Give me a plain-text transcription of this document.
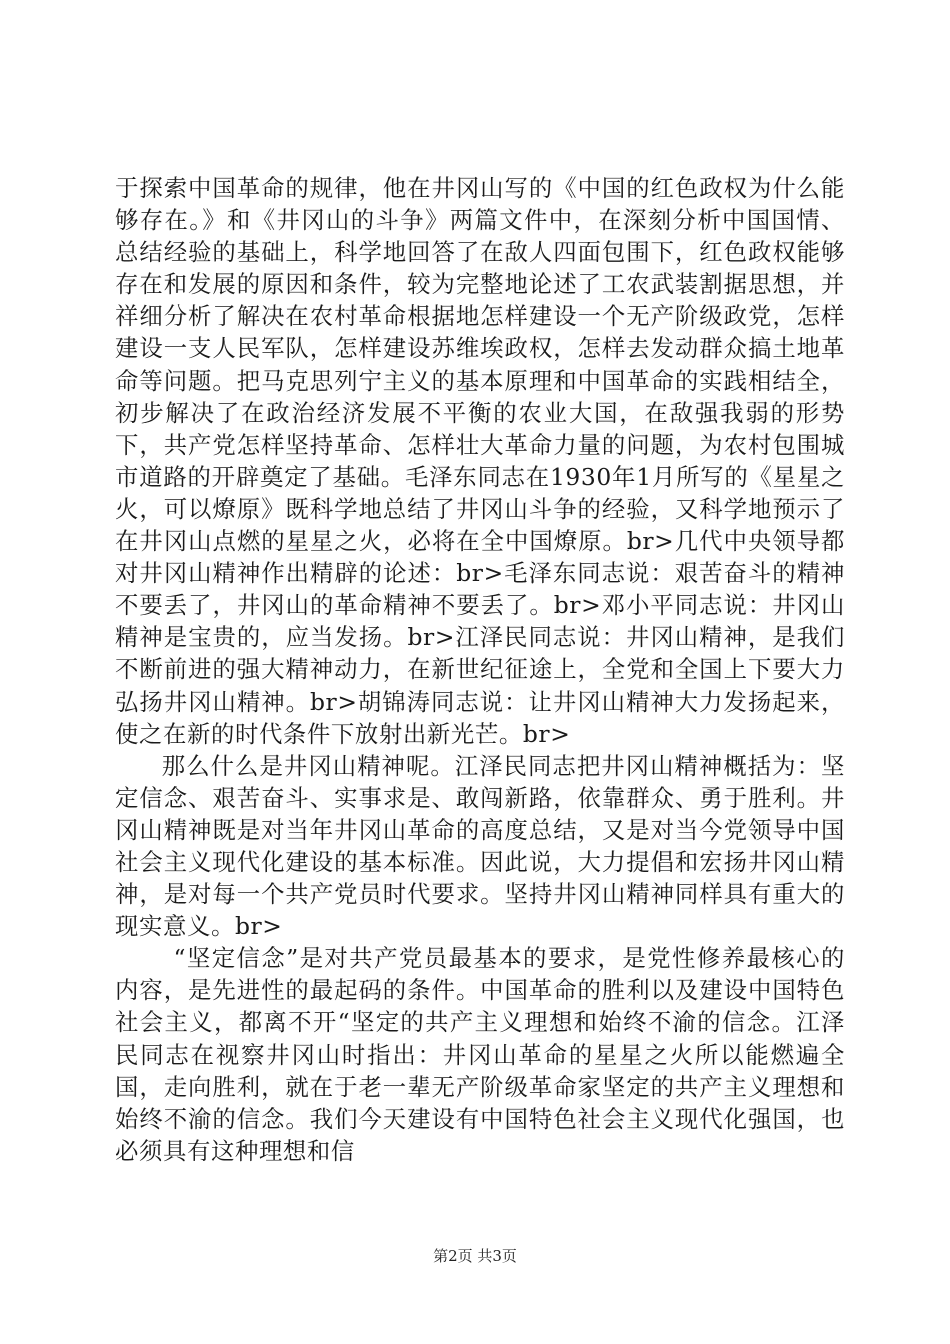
于探索中国革命的规律，他在井冈山写的《中国的红色政权为什么能够存在。》和《井冈山的斗争》两篇文件中，在深刻分析中国国情、总结经验的基础上，科学地回答了在敌人四面包围下，红色政权能够存在和发展的原因和条件，较为完整地论述了工农武装割据思想，并祥细分析了解决在农村革命根据地怎样建设一个无产阶级政党，怎样建设一支人民军队，怎样建设苏维埃政权，怎样去发动群众搞土地革命等问题。把马克思列宁主义的基本原理和中国革命的实践相结全，初步解决了在政治经济发展不平衡的农业大国，在敌强我弱的形势下，共产党怎样坚持革命、怎样壮大革命力量的问题，为农村包围城市道路的开辟奠定了基础。毛泽东同志在1930年1月所写的《星星之火，可以燎原》既科学地总结了井冈山斗争的经验，又科学地预示了在井冈山点燃的星星之火，必将在全中国燎原。br>几代中央领导都对井冈山精神作出精辟的论述：br>毛泽东同志说：艰苦奋斗的精神不要丢了，井冈山的革命精神不要丢了。br>邓小平同志说：井冈山精神是宝贵的，应当发扬。br>江泽民同志说：井冈山精神，是我们不断前进的强大精神动力，在新世纪征途上，全党和全国上下要大力弘扬井冈山精神。br>胡锦涛同志说：让井冈山精神大力发扬起来，使之在新的时代条件下放射出新光芒。br>

那么什么是井冈山精神呢。江泽民同志把井冈山精神概括为：坚定信念、艰苦奋斗、实事求是、敢闯新路，依靠群众、勇于胜利。井冈山精神既是对当年井冈山革命的高度总结，又是对当今党领导中国社会主义现代化建设的基本标准。因此说，大力提倡和宏扬井冈山精神，是对每一个共产党员时代要求。坚持井冈山精神同样具有重大的现实意义。br>

“坚定信念”是对共产党员最基本的要求，是党性修养最核心的内容，是先进性的最起码的条件。中国革命的胜利以及建设中国特色社会主义，都离不开“坚定的共产主义理想和始终不渝的信念。江泽民同志在视察井冈山时指出：井冈山革命的星星之火所以能燃遍全国，走向胜利，就在于老一辈无产阶级革命家坚定的共产主义理想和始终不渝的信念。我们今天建设有中国特色社会主义现代化强国，也必须具有这种理想和信

第2页 共3页
